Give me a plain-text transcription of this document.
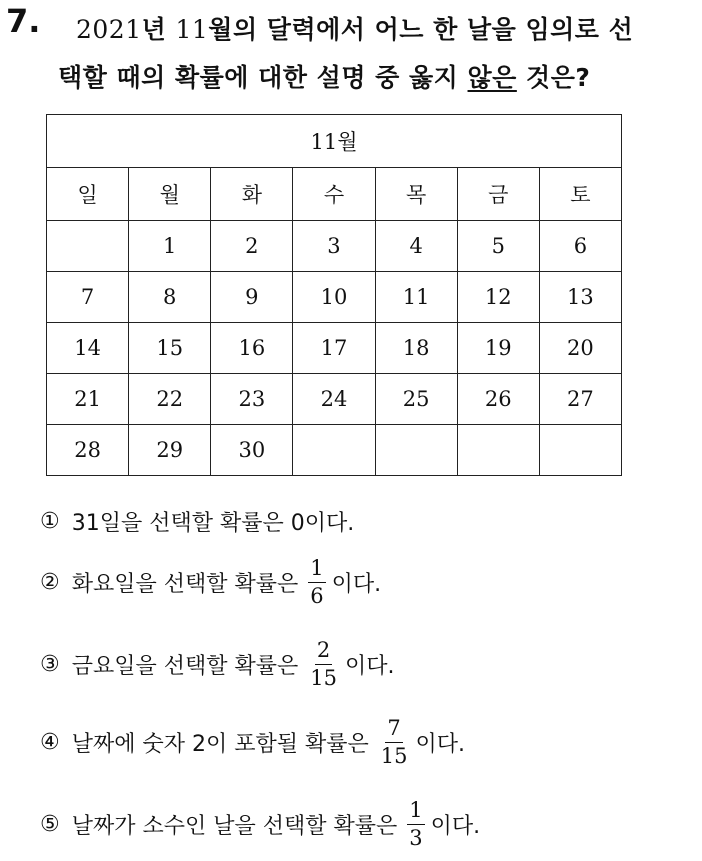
7. 2021년 11월의 달력에서 어느 한 날을 임의로 선
택할 때의 확률에 대한 설명 중 옳지 않은 것은?
11월						
일	월	화	수	목	금	토
	1	2	3	4	5	6
7	8	9	10	11	12	13
14	15	16	17	18	19	20
21	22	23	24	25	26	27
28	29	30				
① 31일을 선택할 확률은 0이다.
② 화요일을 선택할 확률은 $\frac{1}{6}$ 이다.
③ 금요일을 선택할 확률은 $\frac{2}{15}$ 이다.
④ 날짜에 숫자 2이 포함될 확률은 $\frac{7}{15}$ 이다.
⑤ 날짜가 소수인 날을 선택할 확률은 $\frac{1}{3}$ 이다.
